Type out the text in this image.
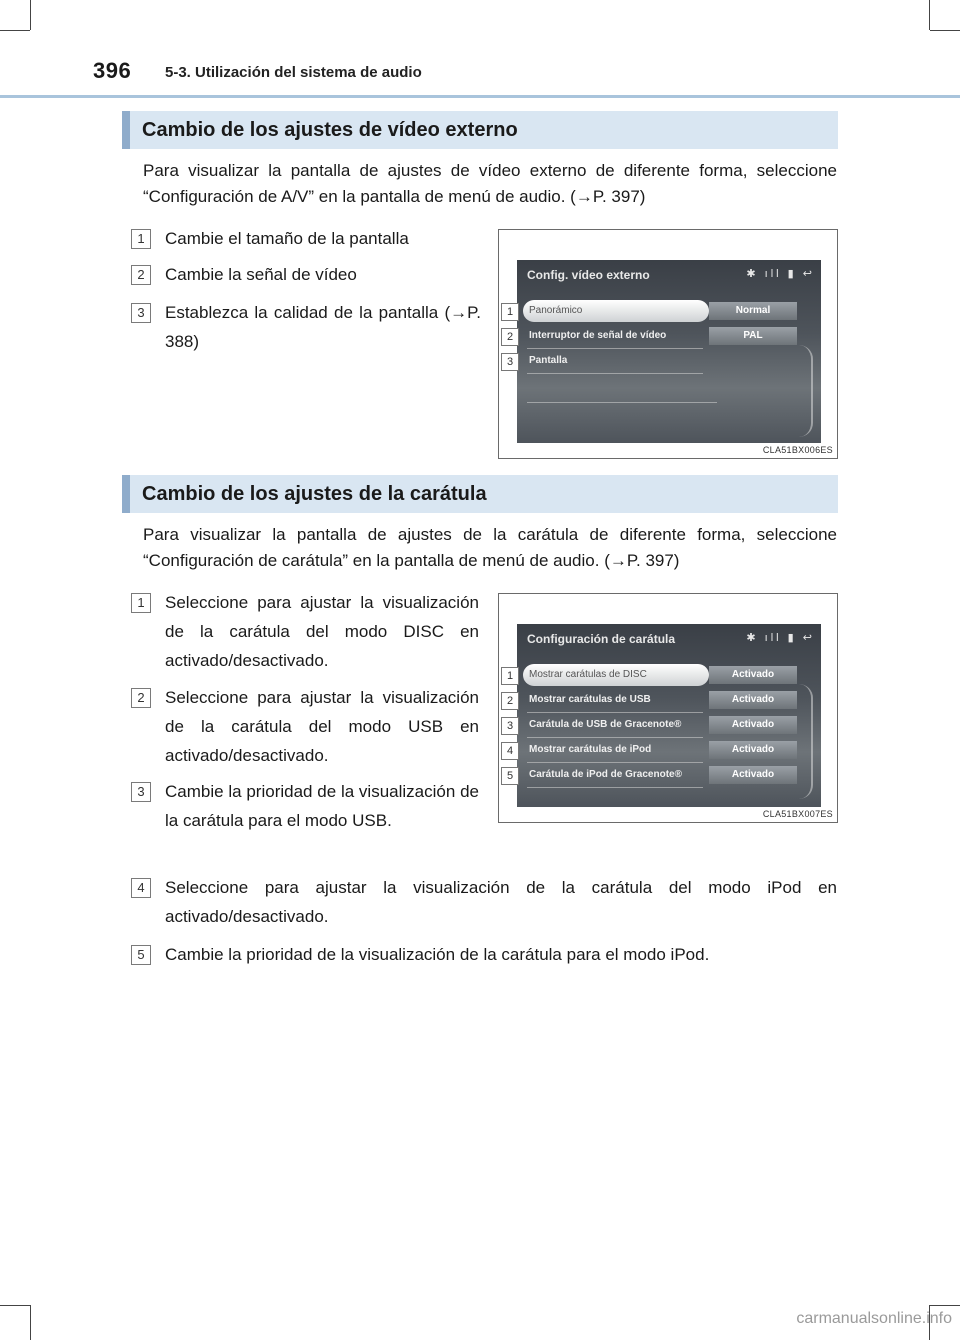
396 5-3. Utilización del sistema de audio
Cambio de los ajustes de vídeo externo
Para visualizar la pantalla de ajustes de vídeo externo de diferente forma, seleccione “Configuración de A/V” en la pantalla de menú de audio. (→P. 397)
1	Cambie el tamaño de la pantalla
2	Cambie la señal de vídeo
3	Establezca la calidad de la pantalla (→P. 388)
Config. vídeo externo	✱ ıll ▮ ↩
Panorámico	Normal
Interruptor de señal de vídeo	PAL
Pantalla
1
2
3
CLA51BX006ES
Cambio de los ajustes de la carátula
Para visualizar la pantalla de ajustes de la carátula de diferente forma, seleccione “Configuración de carátula” en la pantalla de menú de audio. (→P. 397)
1	Seleccione para ajustar la visualización de la carátula del modo DISC en activado/desactivado.
2	Seleccione para ajustar la visualización de la carátula del modo USB en activado/desactivado.
3	Cambie la prioridad de la visualización de la carátula para el modo USB.
4	Seleccione para ajustar la visualización de la carátula del modo iPod en activado/desactivado.
5	Cambie la prioridad de la visualización de la carátula para el modo iPod.
Configuración de carátula	✱ ıll ▮ ↩
Mostrar carátulas de DISC	Activado
Mostrar carátulas de USB	Activado
Carátula de USB de Gracenote®	Activado
Mostrar carátulas de iPod	Activado
Carátula de iPod de Gracenote®	Activado
1
2
3
4
5
CLA51BX007ES
carmanualsonline.info
